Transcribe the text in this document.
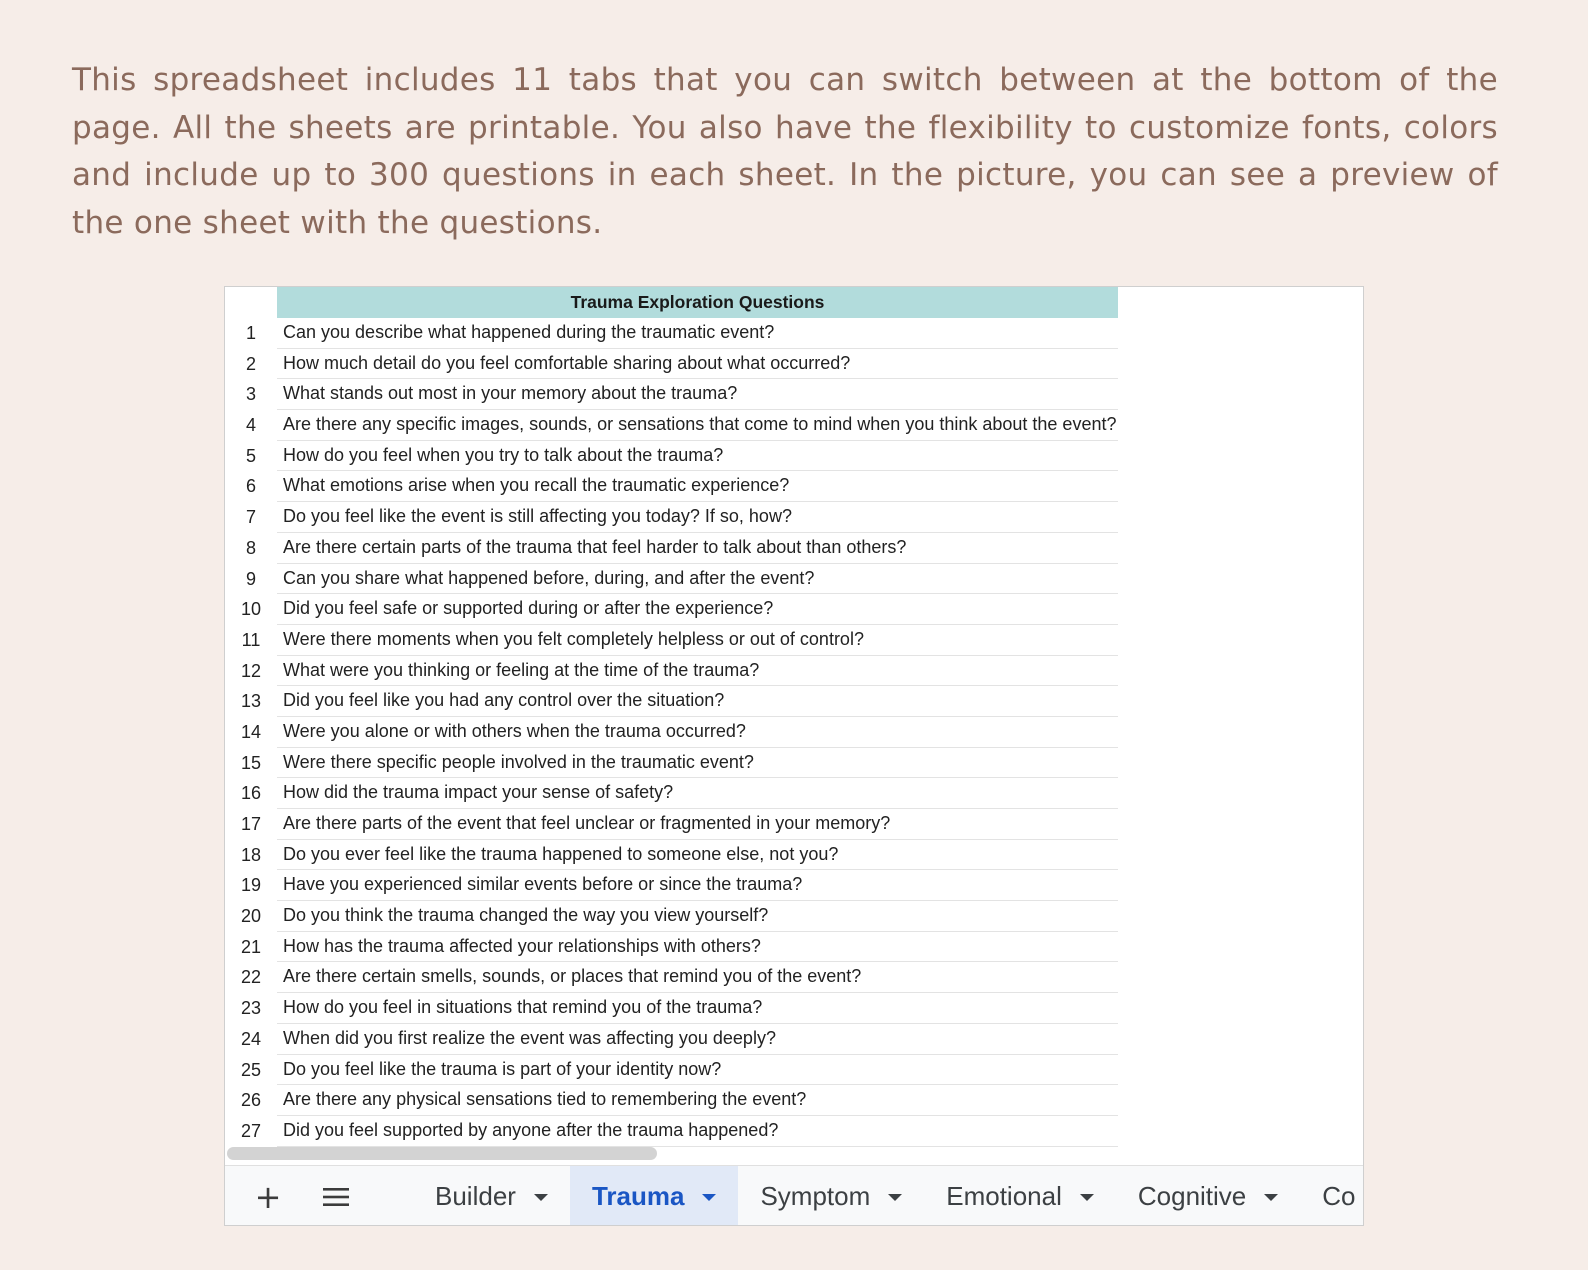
This spreadsheet includes 11 tabs that you can switch between at the bottom of the page. All the sheets are printable. You also have the flexibility to customize fonts, colors and include up to 300 questions in each sheet. In the picture, you can see a preview of the one sheet with the questions.

Trauma Exploration Questions
1	Can you describe what happened during the traumatic event?
2	How much detail do you feel comfortable sharing about what occurred?
3	What stands out most in your memory about the trauma?
4	Are there any specific images, sounds, or sensations that come to mind when you think about the event?
5	How do you feel when you try to talk about the trauma?
6	What emotions arise when you recall the traumatic experience?
7	Do you feel like the event is still affecting you today? If so, how?
8	Are there certain parts of the trauma that feel harder to talk about than others?
9	Can you share what happened before, during, and after the event?
10	Did you feel safe or supported during or after the experience?
11	Were there moments when you felt completely helpless or out of control?
12	What were you thinking or feeling at the time of the trauma?
13	Did you feel like you had any control over the situation?
14	Were you alone or with others when the trauma occurred?
15	Were there specific people involved in the traumatic event?
16	How did the trauma impact your sense of safety?
17	Are there parts of the event that feel unclear or fragmented in your memory?
18	Do you ever feel like the trauma happened to someone else, not you?
19	Have you experienced similar events before or since the trauma?
20	Do you think the trauma changed the way you view yourself?
21	How has the trauma affected your relationships with others?
22	Are there certain smells, sounds, or places that remind you of the event?
23	How do you feel in situations that remind you of the trauma?
24	When did you first realize the event was affecting you deeply?
25	Do you feel like the trauma is part of your identity now?
26	Are there any physical sensations tied to remembering the event?
27	Did you feel supported by anyone after the trauma happened?
+	Builder	Trauma	Symptom	Emotional	Cognitive	Co
